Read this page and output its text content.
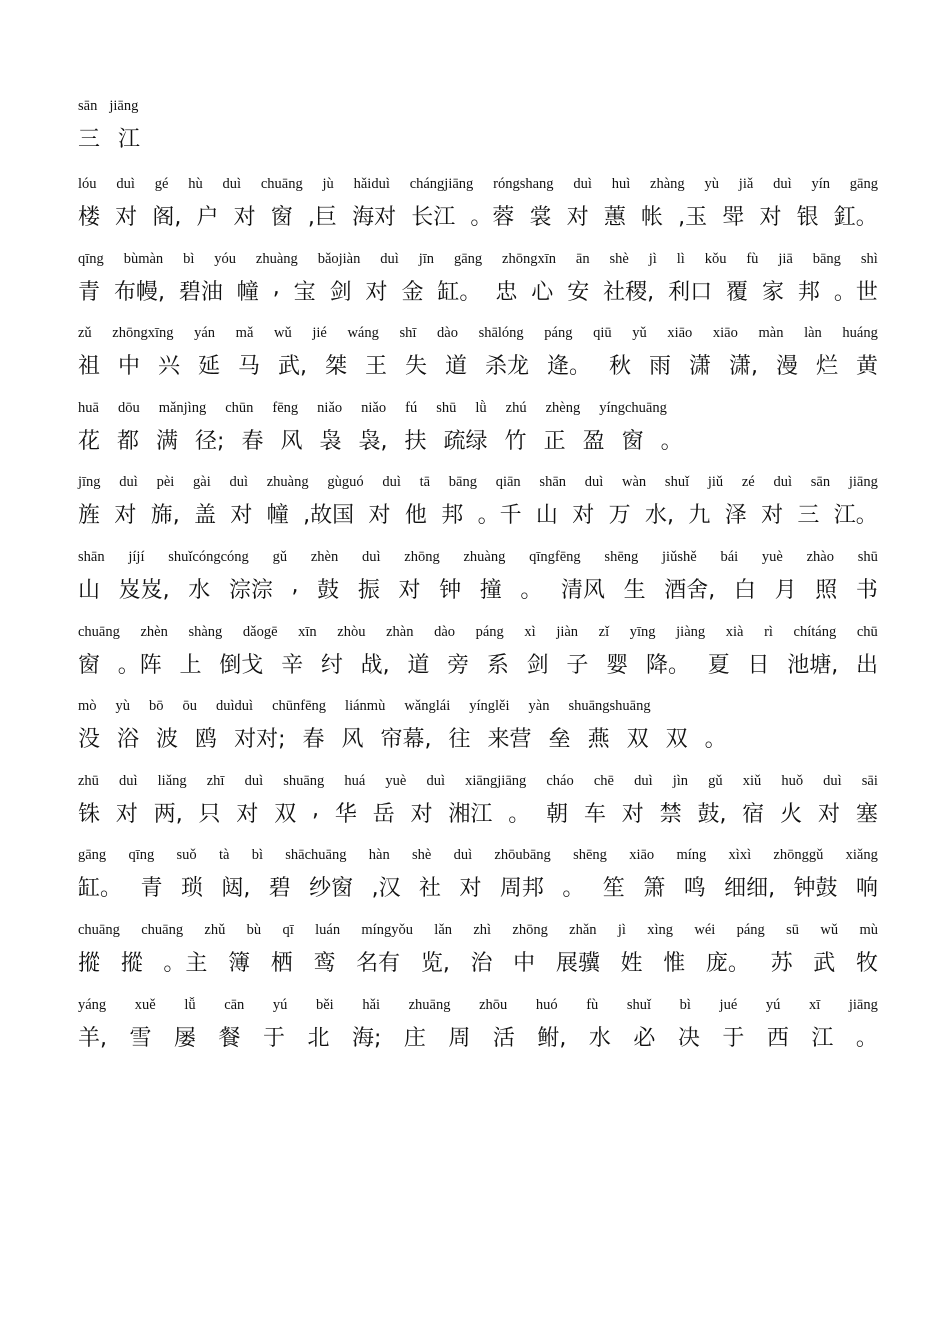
sān jiāng
三 江
lóu duì gé hù duì chuāng jù hǎiduì chángjiāng róngshang duì huì zhàng yù jiǎ duì yín gāng
楼 对 阁, 户 对 窗 ,巨 海对 长江 。蓉 裳 对 蕙 帐 ,玉 斝 对 银 釭。
qīng bùmàn bì yóu zhuàng bǎojiàn duì jīn gāng zhōngxīn ān shè jì lì kǒu fù jiā bāng shì
青 布幔, 碧油 幢 , 宝 剑 对 金 缸。 忠 心 安 社稷, 利口 覆 家 邦 。世
zǔ zhōngxīng yán mǎ wǔ jié wáng shī dào shālóng páng qiū yǔ xiāo xiāo màn làn huáng
祖 中 兴 延 马 武, 桀 王 失 道 杀龙 逄。 秋 雨 潇 潇, 漫 烂 黄
huā dōu mǎnjìng chūn fēng niǎo niǎo fú shū lǜ zhú zhèng yíngchuāng
花 都 满 径; 春 风 袅 袅, 扶 疏绿 竹 正 盈 窗 。
jīng duì pèi gài duì zhuàng gùguó duì tā bāng qiān shān duì wàn shuǐ jiǔ zé duì sān jiāng
旌 对 旆, 盖 对 幢 ,故国 对 他 邦 。千 山 对 万 水, 九 泽 对 三 江。
shān jíjí shuǐcóngcóng gǔ zhèn duì zhōng zhuàng qīngfēng shēng jiǔshě bái yuè zhào shū
山 岌岌, 水 淙淙 , 鼓 振 对 钟 撞 。 清风 生 酒舍, 白 月 照 书
chuāng zhèn shàng dǎogē xīn zhòu zhàn dào páng xì jiàn zǐ yīng jiàng xià rì chítáng chū
窗 。阵 上 倒戈 辛 纣 战, 道 旁 系 剑 子 婴 降。 夏 日 池塘, 出
mò yù bō ōu duìduì chūnfēng liánmù wǎnglái yínglěi yàn shuāngshuāng
没 浴 波 鸥 对对; 春 风 帘幕, 往 来营 垒 燕 双 双 。
zhū duì liǎng zhī duì shuāng huá yuè duì xiāngjiāng cháo chē duì jìn gǔ xiǔ huǒ duì sāi
铢 对 两, 只 对 双 , 华 岳 对 湘江 。 朝 车 对 禁 鼓, 宿 火 对 塞
gāng qīng suǒ tà bì shāchuāng hàn shè duì zhōubāng shēng xiāo míng xìxì zhōnggǔ xiǎng
缸。 青 琐 闼, 碧 纱窗 ,汉 社 对 周邦 。 笙 箫 鸣 细细, 钟鼓 响
chuāng chuāng zhǔ bù qī luán míngyǒu lǎn zhì zhōng zhǎn jì xìng wéi páng sū wǔ mù
摐 摐 。主 簿 栖 鸾 名有 览, 治 中 展骥 姓 惟 庞。 苏 武 牧
yáng xuě lǚ cān yú běi hǎi zhuāng zhōu huó fù shuǐ bì jué yú xī jiāng
羊, 雪 屡 餐 于 北 海; 庄 周 活 鲋, 水 必 决 于 西 江 。
